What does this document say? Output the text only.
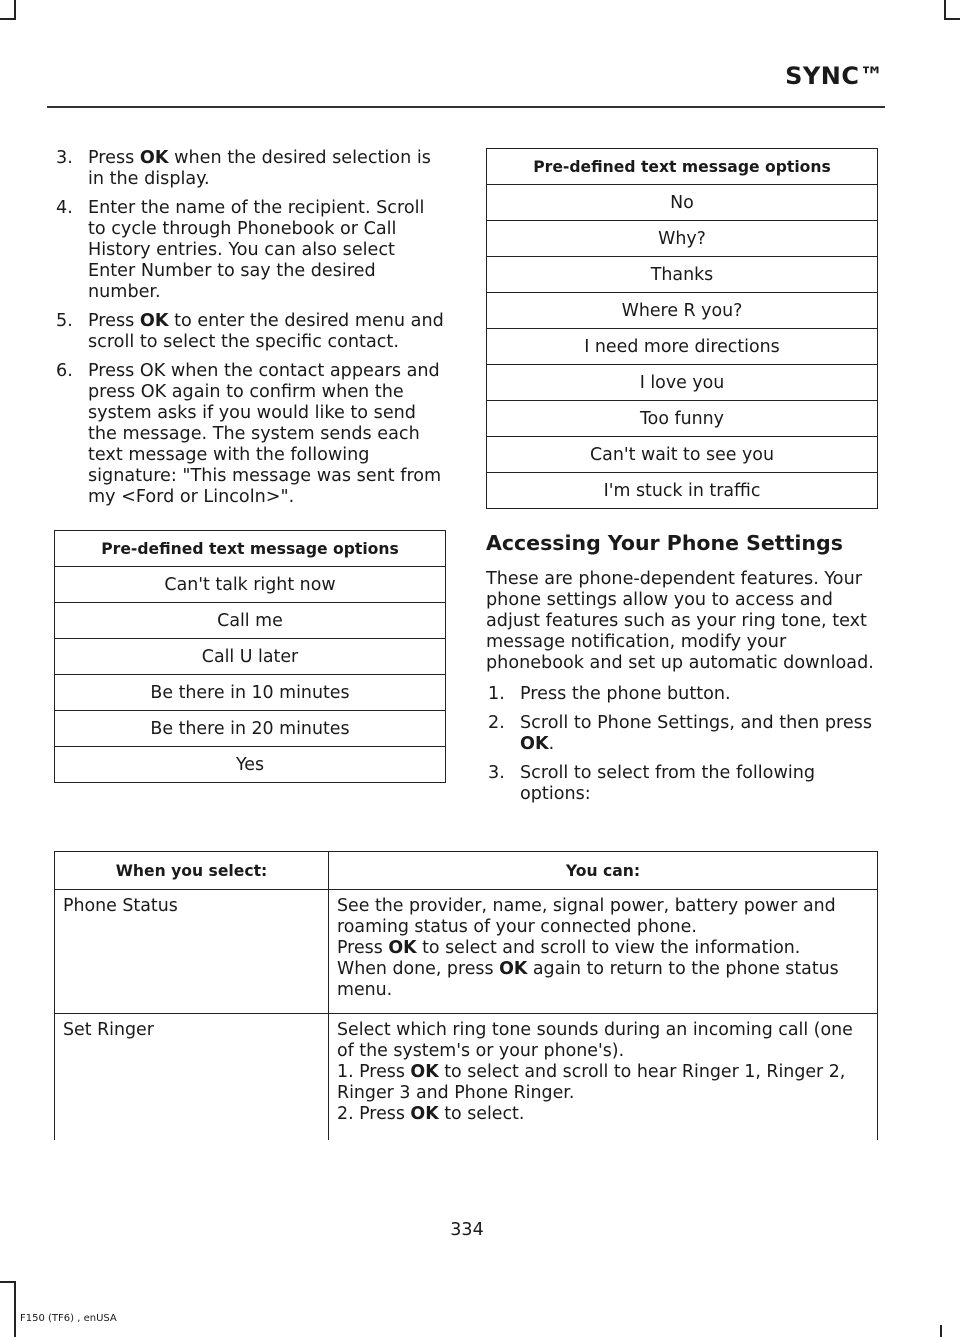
SYNC™
3. Press OK when the desired selection is in the display.
4. Enter the name of the recipient. Scroll to cycle through Phonebook or Call History entries. You can also select Enter Number to say the desired number.
5. Press OK to enter the desired menu and scroll to select the specific contact.
6. Press OK when the contact appears and press OK again to confirm when the system asks if you would like to send the message. The system sends each text message with the following signature: "This message was sent from my <Ford or Lincoln>".
Pre-defined text message options
Can't talk right now
Call me
Call U later
Be there in 10 minutes
Be there in 20 minutes
Yes
Pre-defined text message options
No
Why?
Thanks
Where R you?
I need more directions
I love you
Too funny
Can't wait to see you
I'm stuck in traffic
Accessing Your Phone Settings

These are phone-dependent features. Your phone settings allow you to access and adjust features such as your ring tone, text message notification, modify your phonebook and set up automatic download.

1. Press the phone button.
2. Scroll to Phone Settings, and then press OK.
3. Scroll to select from the following options:
When you select:	You can:
Phone Status	See the provider, name, signal power, battery power and roaming status of your connected phone.
Press OK to select and scroll to view the information.
When done, press OK again to return to the phone status menu.

Set Ringer	Select which ring tone sounds during an incoming call (one of the system's or your phone's).
1. Press OK to select and scroll to hear Ringer 1, Ringer 2, Ringer 3 and Phone Ringer.
2. Press OK to select.
334
F150 (TF6) , enUSA
